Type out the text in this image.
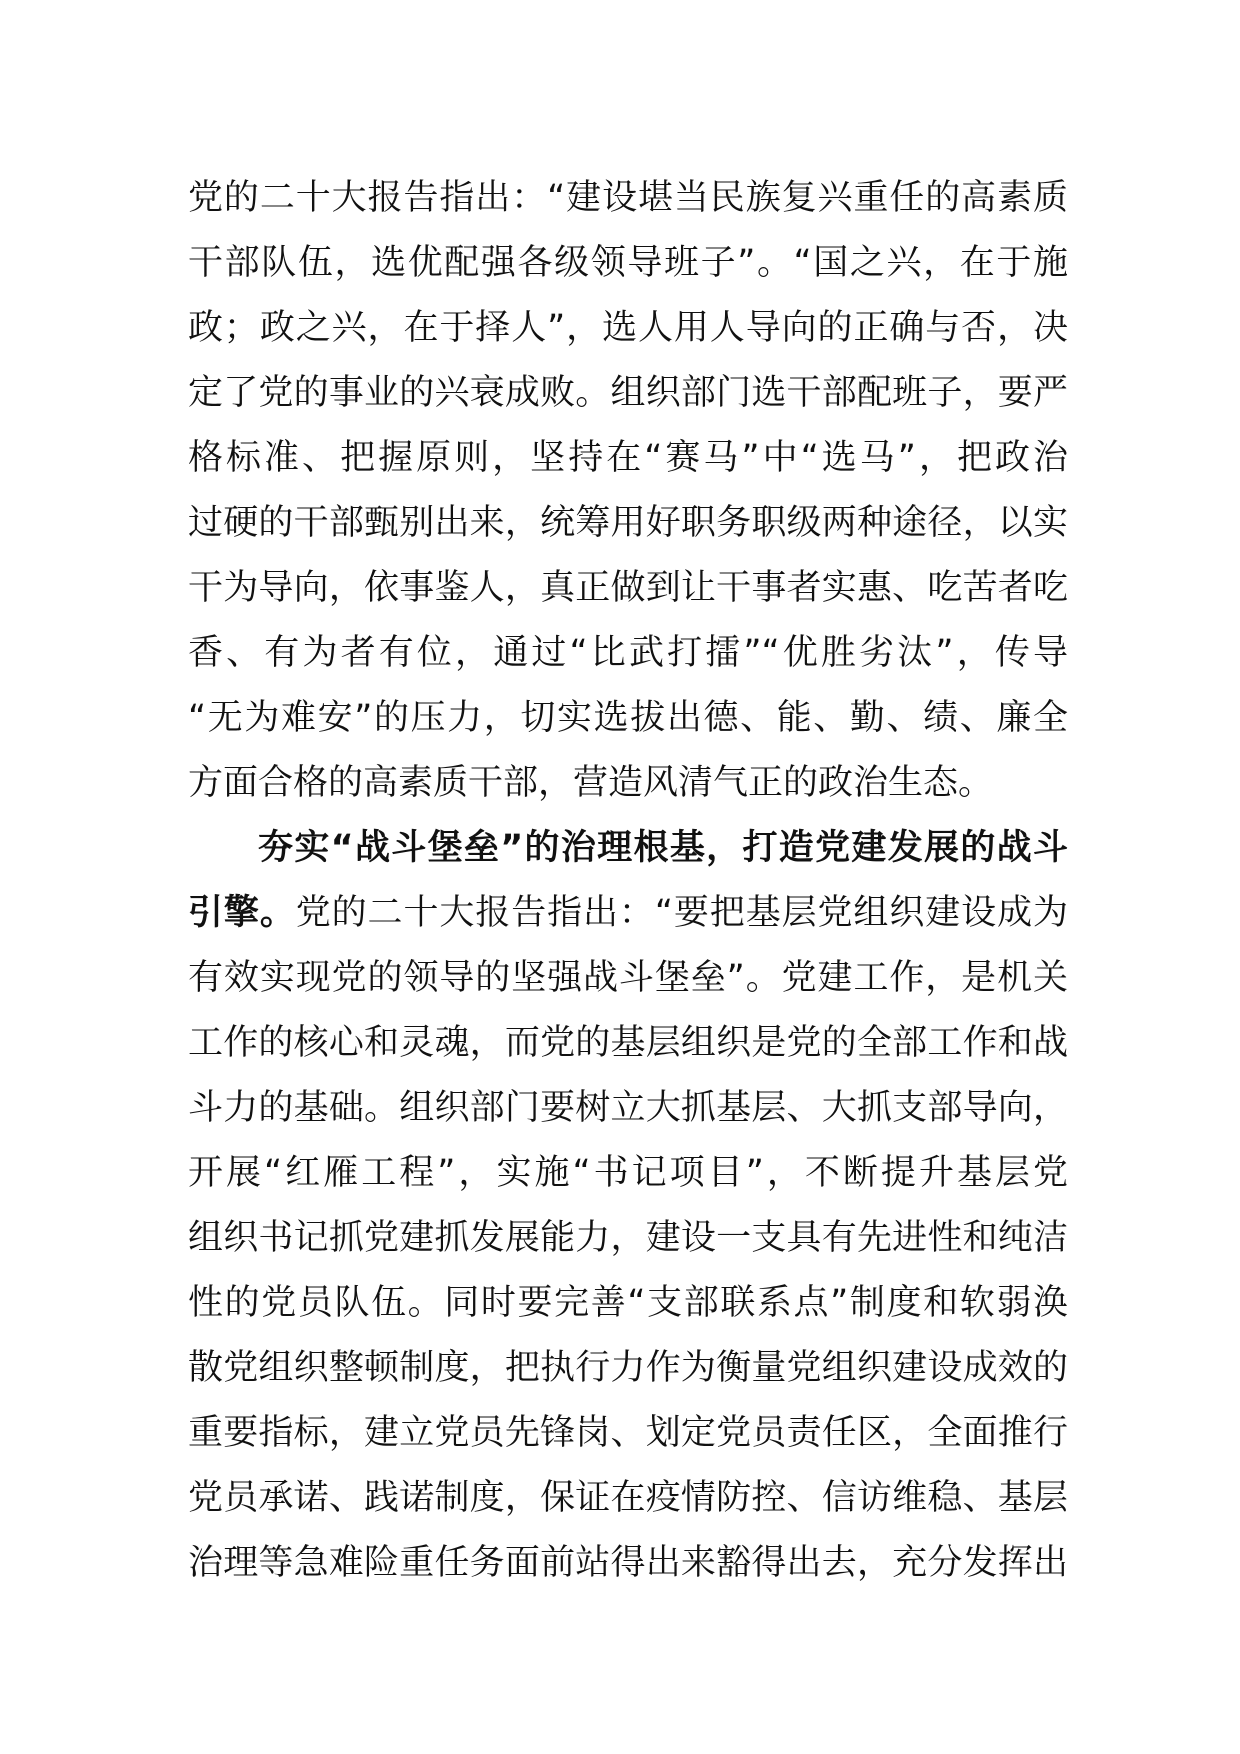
党的二十大报告指出：“建设堪当民族复兴重任的高素质
干部队伍，选优配强各级领导班子”。“国之兴，在于施
政；政之兴，在于择人”，选人用人导向的正确与否，决
定了党的事业的兴衰成败。组织部门选干部配班子，要严
格标准、把握原则，坚持在“赛马”中“选马”，把政治
过硬的干部甄别出来，统筹用好职务职级两种途径，以实
干为导向，依事鉴人，真正做到让干事者实惠、吃苦者吃
香、有为者有位，通过“比武打擂”“优胜劣汰”，传导
“无为难安”的压力，切实选拔出德、能、勤、绩、廉全
方面合格的高素质干部，营造风清气正的政治生态。
夯实“战斗堡垒”的治理根基，打造党建发展的战斗
引擎。党的二十大报告指出：“要把基层党组织建设成为
有效实现党的领导的坚强战斗堡垒”。党建工作，是机关
工作的核心和灵魂，而党的基层组织是党的全部工作和战
斗力的基础。组织部门要树立大抓基层、大抓支部导向，
开展“红雁工程”，实施“书记项目”，不断提升基层党
组织书记抓党建抓发展能力，建设一支具有先进性和纯洁
性的党员队伍。同时要完善“支部联系点”制度和软弱涣
散党组织整顿制度，把执行力作为衡量党组织建设成效的
重要指标，建立党员先锋岗、划定党员责任区，全面推行
党员承诺、践诺制度，保证在疫情防控、信访维稳、基层
治理等急难险重任务面前站得出来豁得出去，充分发挥出
